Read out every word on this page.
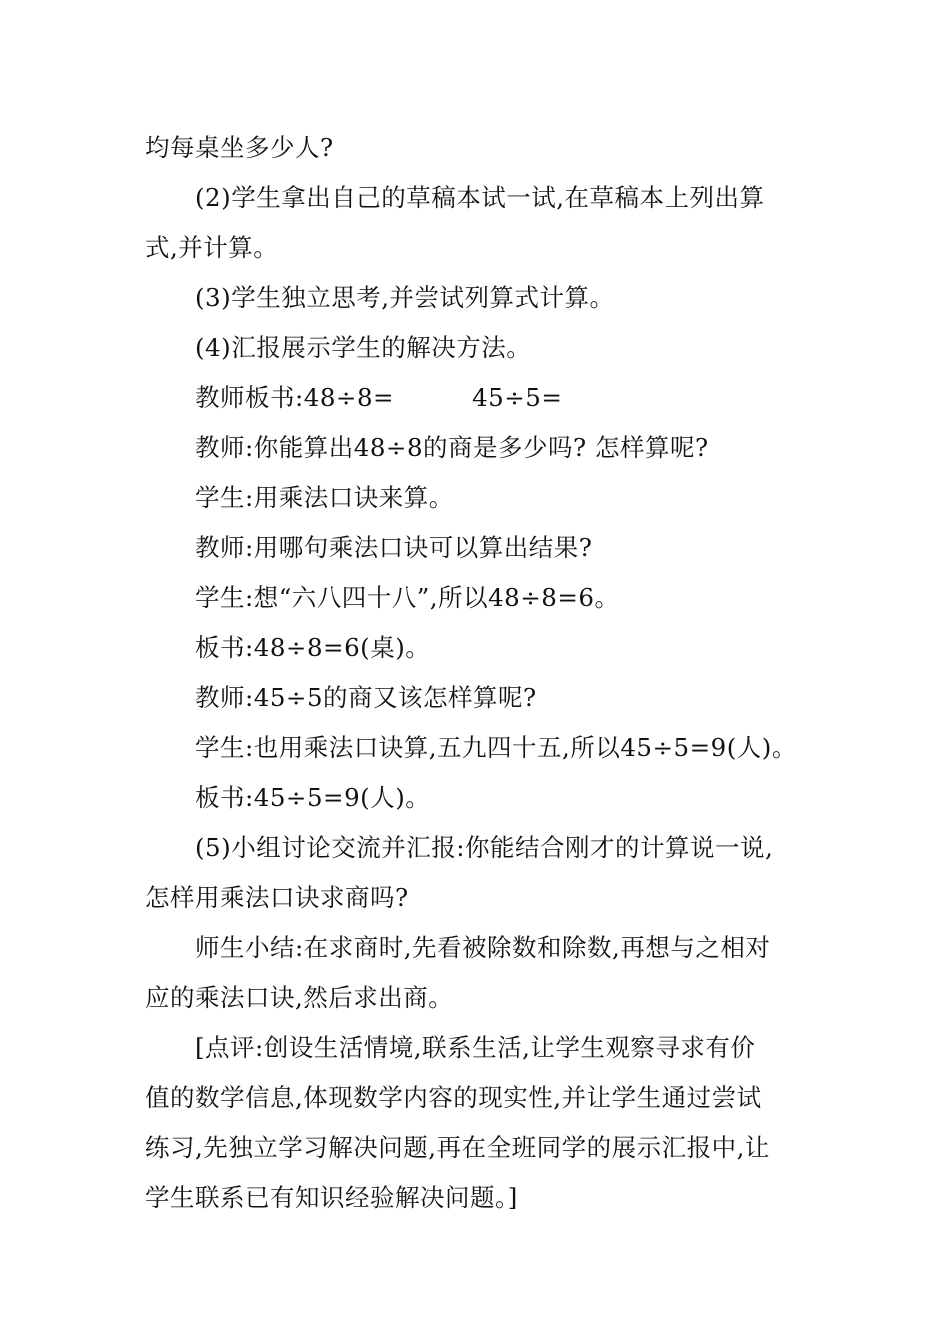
均每桌坐多少人?
(2)学生拿出自己的草稿本试一试,在草稿本上列出算
式,并计算。
(3)学生独立思考,并尝试列算式计算。
(4)汇报展示学生的解决方法。
教师板书:48÷8=	45÷5=
教师:你能算出48÷8的商是多少吗? 怎样算呢?
学生:用乘法口诀来算。
教师:用哪句乘法口诀可以算出结果?
学生:想“六八四十八”,所以48÷8=6。
板书:48÷8=6(桌)。
教师:45÷5的商又该怎样算呢?
学生:也用乘法口诀算,五九四十五,所以45÷5=9(人)。
板书:45÷5=9(人)。
(5)小组讨论交流并汇报:你能结合刚才的计算说一说,
怎样用乘法口诀求商吗?
师生小结:在求商时,先看被除数和除数,再想与之相对
应的乘法口诀,然后求出商。
[点评:创设生活情境,联系生活,让学生观察寻求有价
值的数学信息,体现数学内容的现实性,并让学生通过尝试
练习,先独立学习解决问题,再在全班同学的展示汇报中,让
学生联系已有知识经验解决问题。]
